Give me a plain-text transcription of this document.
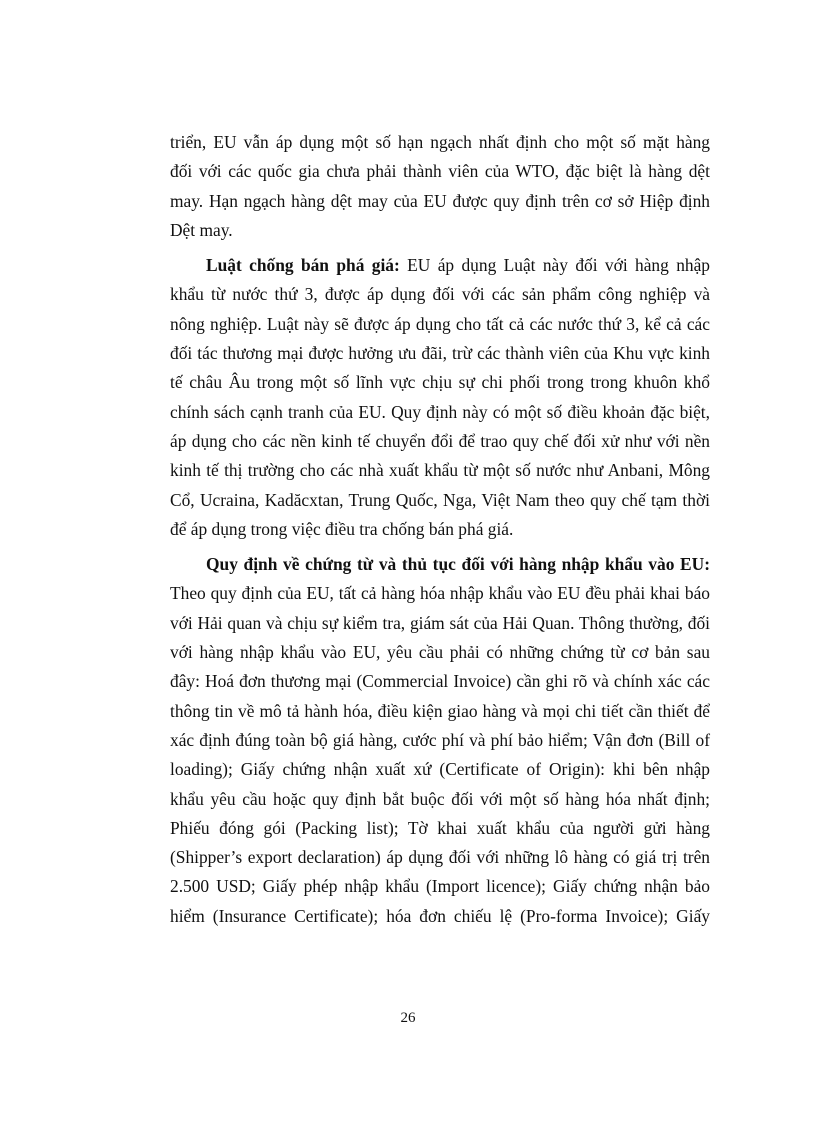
triển, EU vẫn áp dụng một số hạn ngạch nhất định cho một số mặt hàng
đối với các quốc gia chưa phải thành viên của WTO, đặc biệt là hàng dệt
may. Hạn ngạch hàng dệt may của EU được quy định trên cơ sở Hiệp định
Dệt may.
Luật chống bán phá giá: EU áp dụng Luật này đối với hàng nhập
khẩu từ nước thứ 3, được áp dụng đối với các sản phẩm công nghiệp và
nông nghiệp. Luật này sẽ được áp dụng cho tất cả các nước thứ 3, kể cả các
đối tác thương mại được hưởng ưu đãi, trừ các thành viên của Khu vực kinh
tế châu Âu trong một số lĩnh vực chịu sự chi phối trong trong khuôn khổ
chính sách cạnh tranh của EU. Quy định này có một số điều khoản đặc biệt,
áp dụng cho các nền kinh tế chuyển đổi để trao quy chế đối xử như với nền
kinh tế thị trường cho các nhà xuất khẩu từ một số nước như Anbani, Mông
Cổ, Ucraina, Kadăcxtan, Trung Quốc, Nga, Việt Nam theo quy chế tạm thời
để áp dụng trong việc điều tra chống bán phá giá.
Quy định về chứng từ và thủ tục đối với hàng nhập khẩu vào EU:
Theo quy định của EU, tất cả hàng hóa nhập khẩu vào EU đều phải khai báo
với Hải quan và chịu sự kiểm tra, giám sát của Hải Quan. Thông thường, đối
với hàng nhập khẩu vào EU, yêu cầu phải có những chứng từ cơ bản sau
đây: Hoá đơn thương mại (Commercial Invoice) cần ghi rõ và chính xác các
thông tin về mô tả hành hóa, điều kiện giao hàng và mọi chi tiết cần thiết để
xác định đúng toàn bộ giá hàng, cước phí và phí bảo hiểm; Vận đơn (Bill of
loading); Giấy chứng nhận xuất xứ (Certificate of Origin): khi bên nhập
khẩu yêu cầu hoặc quy định bắt buộc đối với một số hàng hóa nhất định;
Phiếu đóng gói (Packing list); Tờ khai xuất khẩu của người gửi hàng
(Shipper’s export declaration) áp dụng đối với những lô hàng có giá trị trên
2.500 USD; Giấy phép nhập khẩu (Import licence); Giấy chứng nhận bảo
hiểm (Insurance Certificate); hóa đơn chiếu lệ (Pro-forma Invoice); Giấy
26
